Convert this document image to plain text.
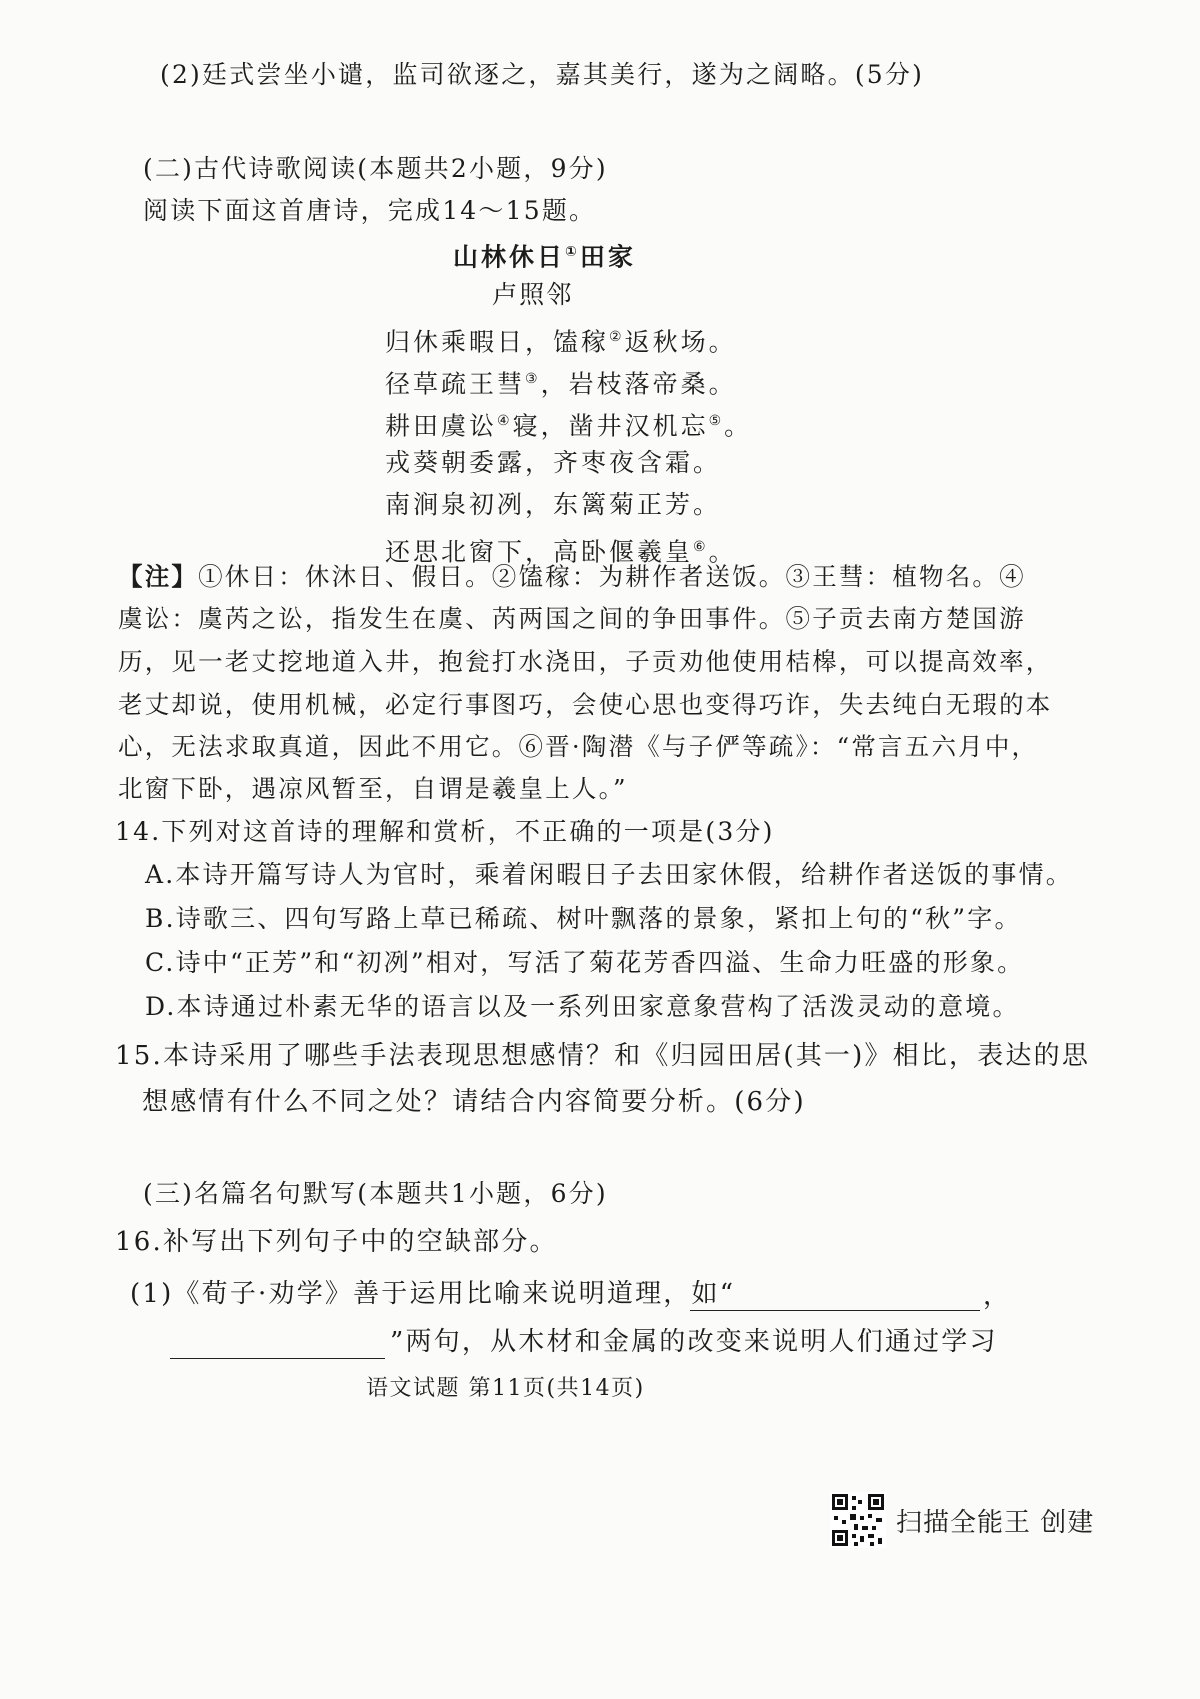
(2)廷式尝坐小谴，监司欲逐之，嘉其美行，遂为之阔略。(5分)
(二)古代诗歌阅读(本题共2小题，9分)
阅读下面这首唐诗，完成14～15题。
山林休日①田家
卢照邻
归休乘暇日，馌稼②返秋场。
径草疏王彗③，岩枝落帝桑。
耕田虞讼④寝，凿井汉机忘⑤。
戎葵朝委露，齐枣夜含霜。
南涧泉初冽，东篱菊正芳。
还思北窗下，高卧偃羲皇⑥。
【注】①休日：休沐日、假日。②馌稼：为耕作者送饭。③王彗：植物名。④
虞讼：虞芮之讼，指发生在虞、芮两国之间的争田事件。⑤子贡去南方楚国游
历，见一老丈挖地道入井，抱瓮打水浇田，子贡劝他使用桔槔，可以提高效率，
老丈却说，使用机械，必定行事图巧，会使心思也变得巧诈，失去纯白无瑕的本
心，无法求取真道，因此不用它。⑥晋·陶潜《与子俨等疏》：“常言五六月中，
北窗下卧，遇凉风暂至，自谓是羲皇上人。”
14.下列对这首诗的理解和赏析，不正确的一项是(3分)
A.本诗开篇写诗人为官时，乘着闲暇日子去田家休假，给耕作者送饭的事情。
B.诗歌三、四句写路上草已稀疏、树叶飘落的景象，紧扣上句的“秋”字。
C.诗中“正芳”和“初冽”相对，写活了菊花芳香四溢、生命力旺盛的形象。
D.本诗通过朴素无华的语言以及一系列田家意象营构了活泼灵动的意境。
15.本诗采用了哪些手法表现思想感情？和《归园田居(其一)》相比，表达的思
想感情有什么不同之处？请结合内容简要分析。(6分)
(三)名篇名句默写(本题共1小题，6分)
16.补写出下列句子中的空缺部分。
(1)《荀子·劝学》善于运用比喻来说明道理，如“	，
”两句，从木材和金属的改变来说明人们通过学习
语文试题 第11页(共14页)
扫描全能王 创建
